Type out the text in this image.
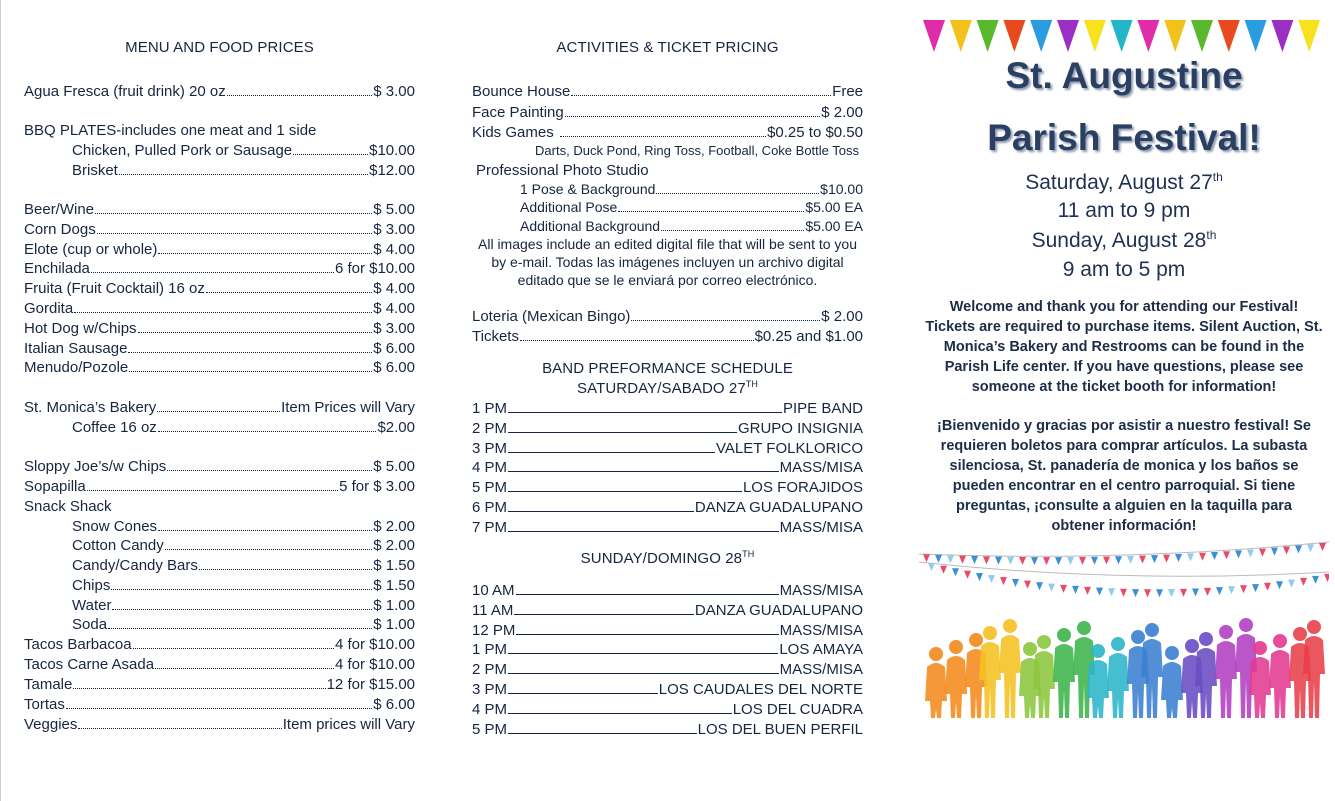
MENU AND FOOD PRICES
Agua Fresca (fruit drink) 20 oz	$ 3.00
BBQ PLATES-includes one meat and 1 side
Chicken, Pulled Pork or Sausage	$10.00
Brisket	$12.00
Beer/Wine	$ 5.00
Corn Dogs	$ 3.00
Elote (cup or whole)	$ 4.00
Enchilada	6 for $10.00
Fruita (Fruit Cocktail) 16 oz	$ 4.00
Gordita	$ 4.00
Hot Dog w/Chips	$ 3.00
Italian Sausage	$ 6.00
Menudo/Pozole	$ 6.00
St. Monica’s Bakery	Item Prices will Vary
Coffee 16 oz	$2.00
Sloppy Joe’s/w Chips	$ 5.00
Sopapilla	5 for $ 3.00
Snack Shack
Snow Cones	$ 2.00
Cotton Candy	$ 2.00
Candy/Candy Bars	$ 1.50
Chips	$ 1.50
Water	$ 1.00
Soda	$ 1.00
Tacos Barbacoa	4 for $10.00
Tacos Carne Asada	4 for $10.00
Tamale	12 for $15.00
Tortas	$ 6.00
Veggies	Item prices will Vary
ACTIVITIES & TICKET PRICING
Bounce House	Free
Face Painting	$ 2.00
Kids Games	$0.25 to $0.50
Darts, Duck Pond, Ring Toss, Football, Coke Bottle Toss
Professional Photo Studio
1 Pose & Background	$10.00
Additional Pose	$5.00 EA
Additional Background	$5.00 EA
All images include an edited digital file that will be sent to you by e-mail. Todas las imágenes incluyen un archivo digital editado que se le enviará por correo electrónico.
Loteria (Mexican Bingo)	$ 2.00
Tickets	$0.25 and $1.00
BAND PREFORMANCE SCHEDULE
SATURDAY/SABADO 27TH
1 PM	PIPE BAND
2 PM	GRUPO INSIGNIA
3 PM	VALET FOLKLORICO
4 PM	MASS/MISA
5 PM	LOS FORAJIDOS
6 PM	DANZA GUADALUPANO
7 PM	MASS/MISA
SUNDAY/DOMINGO 28TH
10 AM	MASS/MISA
11 AM	DANZA GUADALUPANO
12 PM	MASS/MISA
1 PM	LOS AMAYA
2 PM	MASS/MISA
3 PM	LOS CAUDALES DEL NORTE
4 PM	LOS DEL CUADRA
5 PM	LOS DEL BUEN PERFIL
St. Augustine
Parish Festival!
Saturday, August 27th
11 am to 9 pm
Sunday, August 28th
9 am to 5 pm
Welcome and thank you for attending our Festival! Tickets are required to purchase items. Silent Auction, St. Monica’s Bakery and Restrooms can be found in the Parish Life center. If you have questions, please see someone at the ticket booth for information!
¡Bienvenido y gracias por asistir a nuestro festival! Se requieren boletos para comprar artículos. La subasta silenciosa, St. panadería de monica y los baños se pueden encontrar en el centro parroquial. Si tiene preguntas, ¡consulte a alguien en la taquilla para obtener información!
